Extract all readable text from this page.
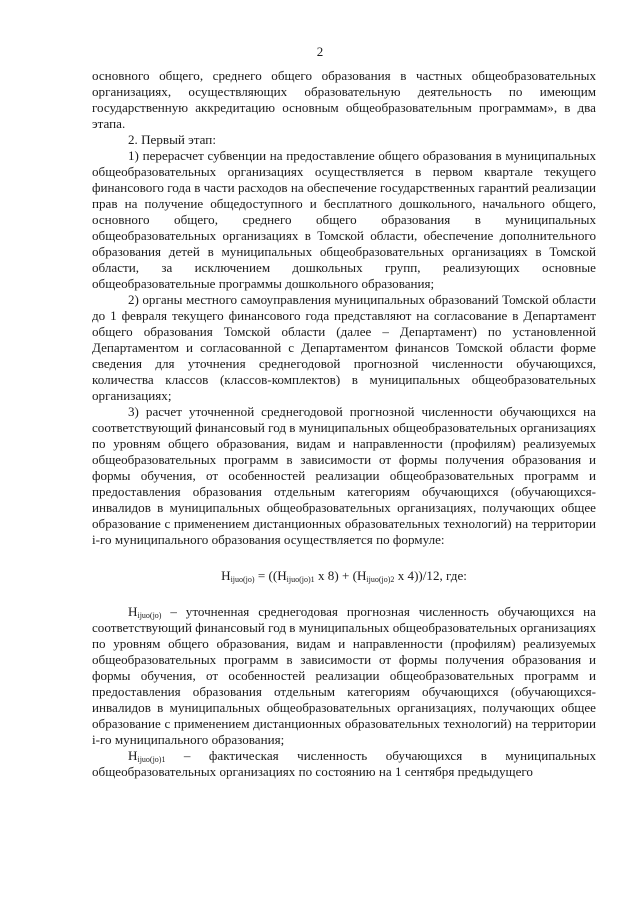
2

основного общего, среднего общего образования в частных общеобразовательных организациях, осуществляющих образовательную деятельность по имеющим государственную аккредитацию основным общеобразовательным программам», в два этапа.

2. Первый этап:

1) перерасчет субвенции на предоставление общего образования в муниципальных общеобразовательных организациях осуществляется в первом квартале текущего финансового года в части расходов на обеспечение государственных гарантий реализации прав на получение общедоступного и бесплатного дошкольного, начального общего, основного общего, среднего общего образования в муниципальных общеобразовательных организациях в Томской области, обеспечение дополнительного образования детей в муниципальных общеобразовательных организациях в Томской области, за исключением дошкольных групп, реализующих основные общеобразовательные программы дошкольного образования;

2) органы местного самоуправления муниципальных образований Томской области до 1 февраля текущего финансового года представляют на согласование в Департамент общего образования Томской области (далее – Департамент) по установленной Департаментом и согласованной с Департаментом финансов Томской области форме сведения для уточнения среднегодовой прогнозной численности обучающихся, количества классов (классов-комплектов) в муниципальных общеобразовательных организациях;

3) расчет уточненной среднегодовой прогнозной численности обучающихся на соответствующий финансовый год в муниципальных общеобразовательных организациях по уровням общего образования, видам и направленности (профилям) реализуемых общеобразовательных программ в зависимости от формы получения образования и формы обучения, от особенностей реализации общеобразовательных программ и предоставления образования отдельным категориям обучающихся (обучающихся-инвалидов в муниципальных общеобразовательных организациях, получающих общее образование с применением дистанционных образовательных технологий) на территории i-го муниципального образования осуществляется по формуле:

$Н_{ijuo(jo)} = ((Н_{ijuo(jo)1}$ х $8) + (Н_{ijuo(jo)2}$ х 4))/12, где:

$Н_{ijuo(jo)}$ – уточненная среднегодовая прогнозная численность обучающихся на соответствующий финансовый год в муниципальных общеобразовательных организациях по уровням общего образования, видам и направленности (профилям) реализуемых общеобразовательных программ в зависимости от формы получения образования и формы обучения, от особенностей реализации общеобразовательных программ и предоставления образования отдельным категориям обучающихся (обучающихся-инвалидов в муниципальных общеобразовательных организациях, получающих общее образование с применением дистанционных образовательных технологий) на территории i-го муниципального образования;

$Н_{ijuo(jo)1}$ – фактическая численность обучающихся в муниципальных общеобразовательных организациях по состоянию на 1 сентября предыдущего
